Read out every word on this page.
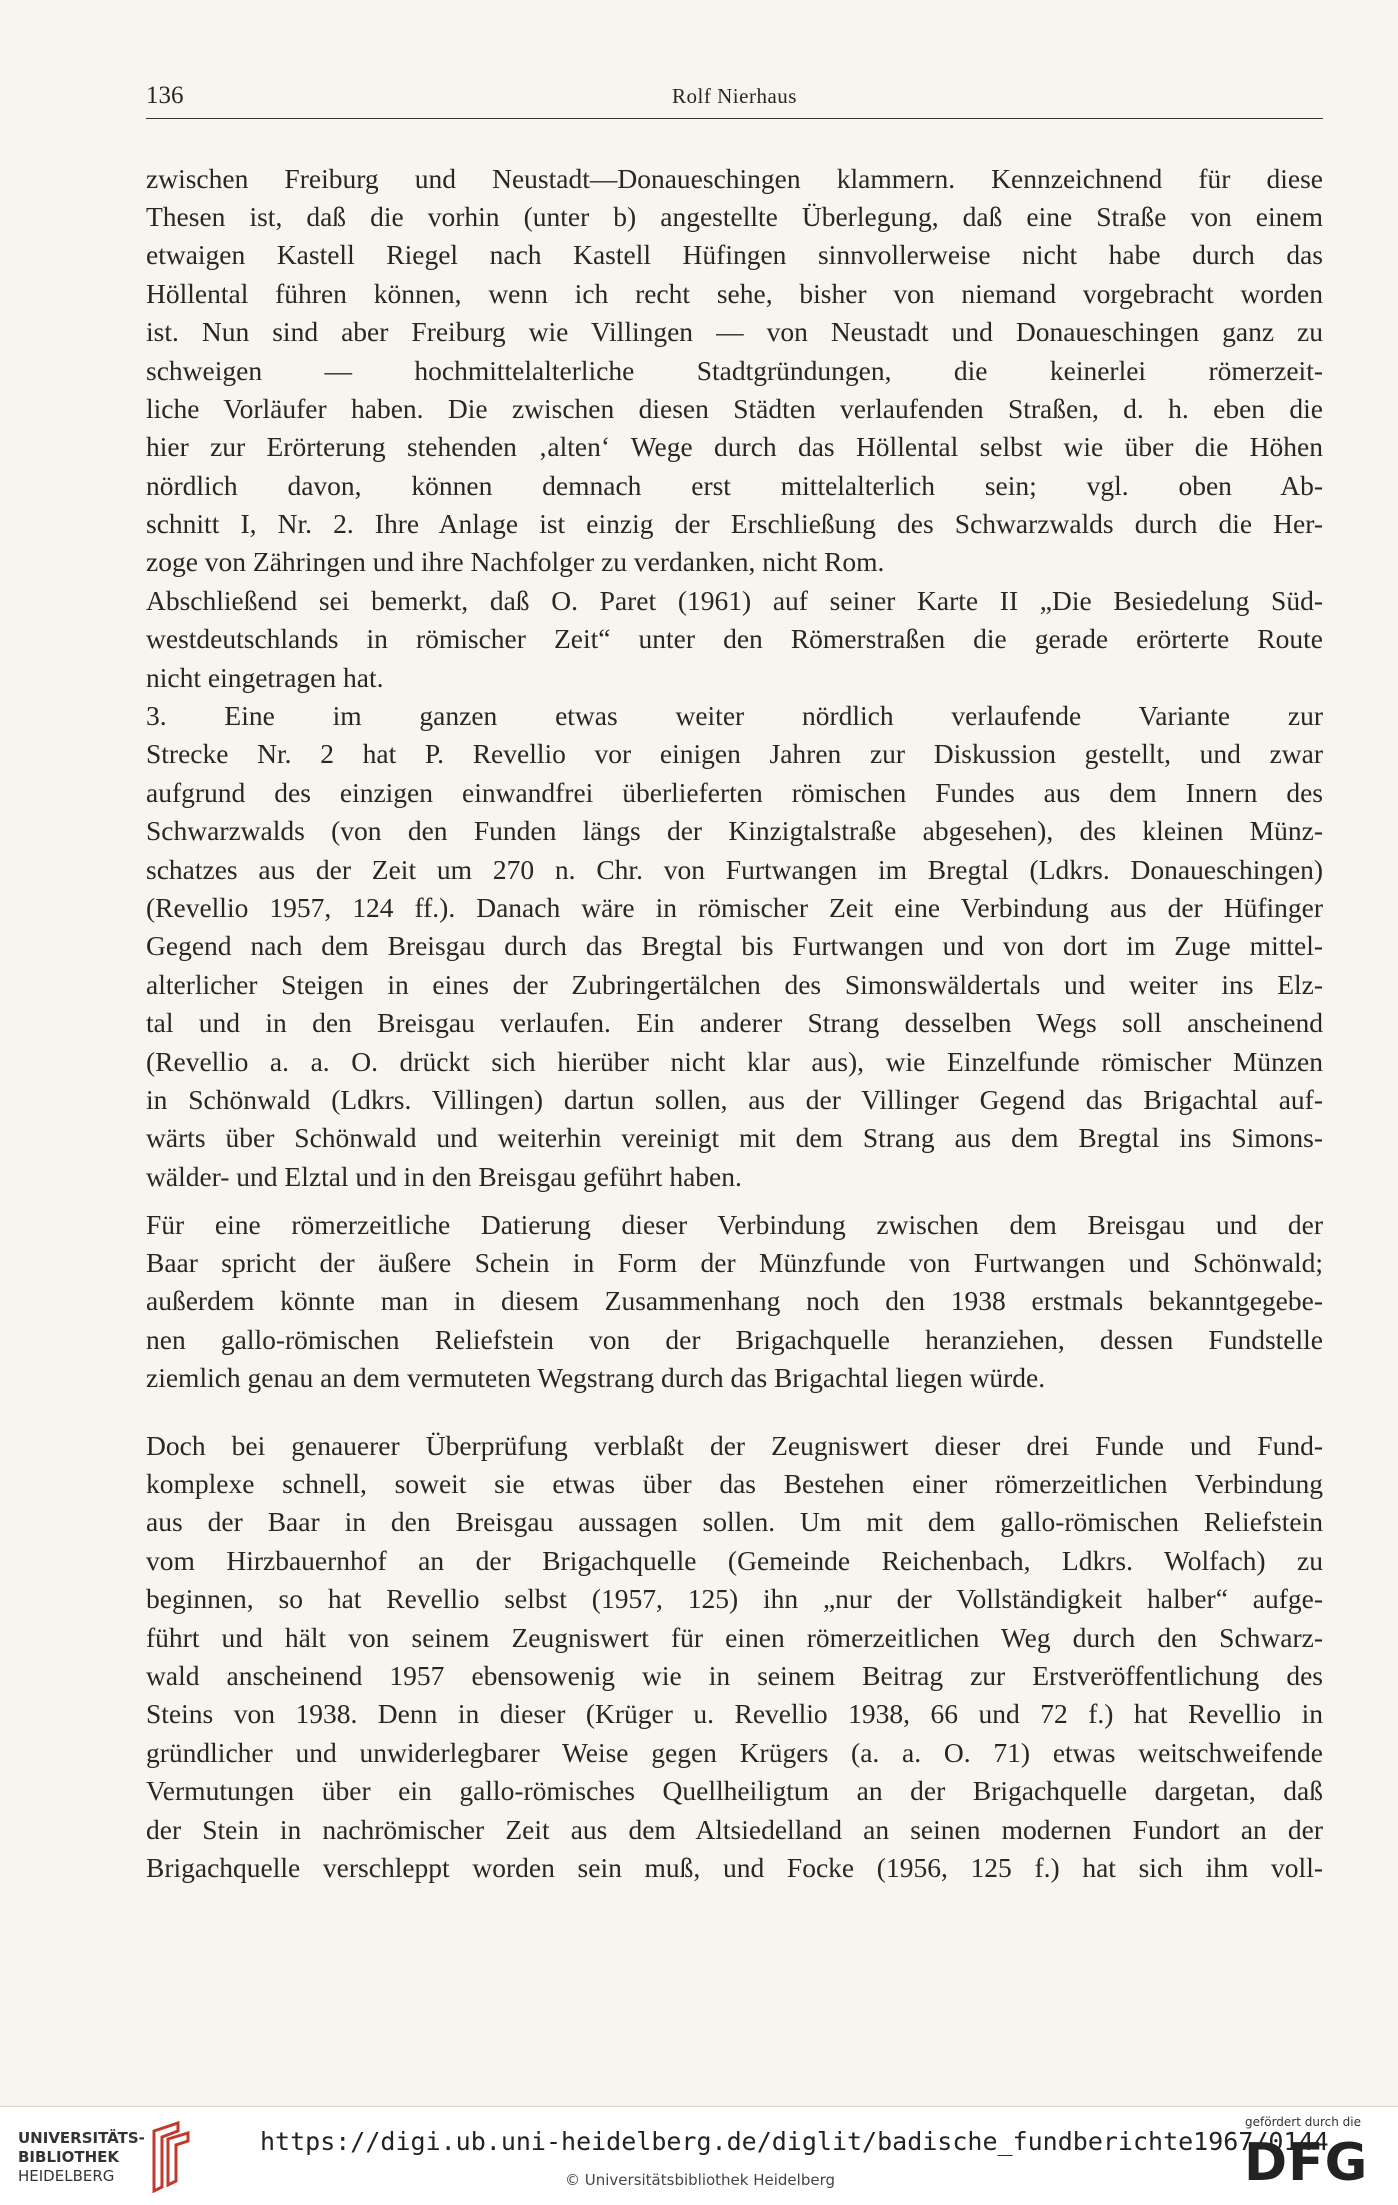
136	Rolf Nierhaus
zwischen Freiburg und Neustadt—Donaueschingen klammern. Kennzeichnend für diese
Thesen ist, daß die vorhin (unter b) angestellte Überlegung, daß eine Straße von einem
etwaigen Kastell Riegel nach Kastell Hüfingen sinnvollerweise nicht habe durch das
Höllental führen können, wenn ich recht sehe, bisher von niemand vorgebracht worden
ist. Nun sind aber Freiburg wie Villingen — von Neustadt und Donaueschingen ganz zu
schweigen — hochmittelalterliche Stadtgründungen, die keinerlei römerzeit-
liche Vorläufer haben. Die zwischen diesen Städten verlaufenden Straßen, d. h. eben die
hier zur Erörterung stehenden ‚alten‘ Wege durch das Höllental selbst wie über die Höhen
nördlich davon, können demnach erst mittelalterlich sein; vgl. oben Ab-
schnitt I, Nr. 2. Ihre Anlage ist einzig der Erschließung des Schwarzwalds durch die Her-
zoge von Zähringen und ihre Nachfolger zu verdanken, nicht Rom.
Abschließend sei bemerkt, daß O. Paret (1961) auf seiner Karte II „Die Besiedelung Süd-
westdeutschlands in römischer Zeit“ unter den Römerstraßen die gerade erörterte Route
nicht eingetragen hat.
3. Eine im ganzen etwas weiter nördlich verlaufende Variante zur
Strecke Nr. 2 hat P. Revellio vor einigen Jahren zur Diskussion gestellt, und zwar
aufgrund des einzigen einwandfrei überlieferten römischen Fundes aus dem Innern des
Schwarzwalds (von den Funden längs der Kinzigtalstraße abgesehen), des kleinen Münz-
schatzes aus der Zeit um 270 n. Chr. von Furtwangen im Bregtal (Ldkrs. Donaueschingen)
(Revellio 1957, 124 ff.). Danach wäre in römischer Zeit eine Verbindung aus der Hüfinger
Gegend nach dem Breisgau durch das Bregtal bis Furtwangen und von dort im Zuge mittel-
alterlicher Steigen in eines der Zubringertälchen des Simonswäldertals und weiter ins Elz-
tal und in den Breisgau verlaufen. Ein anderer Strang desselben Wegs soll anscheinend
(Revellio a. a. O. drückt sich hierüber nicht klar aus), wie Einzelfunde römischer Münzen
in Schönwald (Ldkrs. Villingen) dartun sollen, aus der Villinger Gegend das Brigachtal auf-
wärts über Schönwald und weiterhin vereinigt mit dem Strang aus dem Bregtal ins Simons-
wälder- und Elztal und in den Breisgau geführt haben.
Für eine römerzeitliche Datierung dieser Verbindung zwischen dem Breisgau und der
Baar spricht der äußere Schein in Form der Münzfunde von Furtwangen und Schönwald;
außerdem könnte man in diesem Zusammenhang noch den 1938 erstmals bekanntgegebe-
nen gallo-römischen Reliefstein von der Brigachquelle heranziehen, dessen Fundstelle
ziemlich genau an dem vermuteten Wegstrang durch das Brigachtal liegen würde.
Doch bei genauerer Überprüfung verblaßt der Zeugniswert dieser drei Funde und Fund-
komplexe schnell, soweit sie etwas über das Bestehen einer römerzeitlichen Verbindung
aus der Baar in den Breisgau aussagen sollen. Um mit dem gallo-römischen Reliefstein
vom Hirzbauernhof an der Brigachquelle (Gemeinde Reichenbach, Ldkrs. Wolfach) zu
beginnen, so hat Revellio selbst (1957, 125) ihn „nur der Vollständigkeit halber“ aufge-
führt und hält von seinem Zeugniswert für einen römerzeitlichen Weg durch den Schwarz-
wald anscheinend 1957 ebensowenig wie in seinem Beitrag zur Erstveröffentlichung des
Steins von 1938. Denn in dieser (Krüger u. Revellio 1938, 66 und 72 f.) hat Revellio in
gründlicher und unwiderlegbarer Weise gegen Krügers (a. a. O. 71) etwas weitschweifende
Vermutungen über ein gallo-römisches Quellheiligtum an der Brigachquelle dargetan, daß
der Stein in nachrömischer Zeit aus dem Altsiedelland an seinen modernen Fundort an der
Brigachquelle verschleppt worden sein muß, und Focke (1956, 125 f.) hat sich ihm voll-
UNIVERSITÄTS-
BIBLIOTHEK
HEIDELBERG
https://digi.ub.uni-heidelberg.de/diglit/badische_fundberichte1967/0144
© Universitätsbibliothek Heidelberg
gefördert durch die
DFG
